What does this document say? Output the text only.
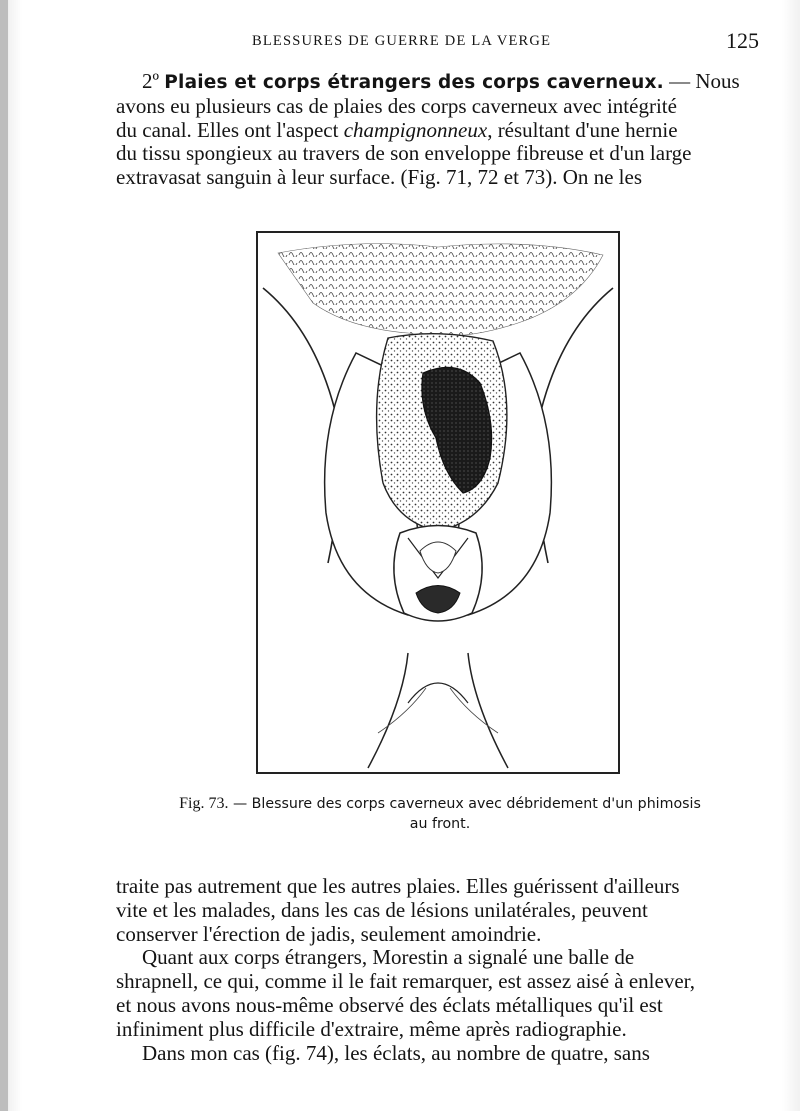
BLESSURES DE GUERRE DE LA VERGE	125
2º Plaies et corps étrangers des corps caverneux. — Nous
avons eu plusieurs cas de plaies des corps caverneux avec intégrité
du canal. Elles ont l'aspect champignonneux, résultant d'une hernie
du tissu spongieux au travers de son enveloppe fibreuse et d'un large
extravasat sanguin à leur surface. (Fig. 71, 72 et 73). On ne les
Fig. 73. — Blessure des corps caverneux avec débridement d'un phimosis
au front.
traite pas autrement que les autres plaies. Elles guérissent d'ailleurs
vite et les malades, dans les cas de lésions unilatérales, peuvent
conserver l'érection de jadis, seulement amoindrie.
Quant aux corps étrangers, Morestin a signalé une balle de
shrapnell, ce qui, comme il le fait remarquer, est assez aisé à enlever,
et nous avons nous-même observé des éclats métalliques qu'il est
infiniment plus difficile d'extraire, même après radiographie.
Dans mon cas (fig. 74), les éclats, au nombre de quatre, sans
